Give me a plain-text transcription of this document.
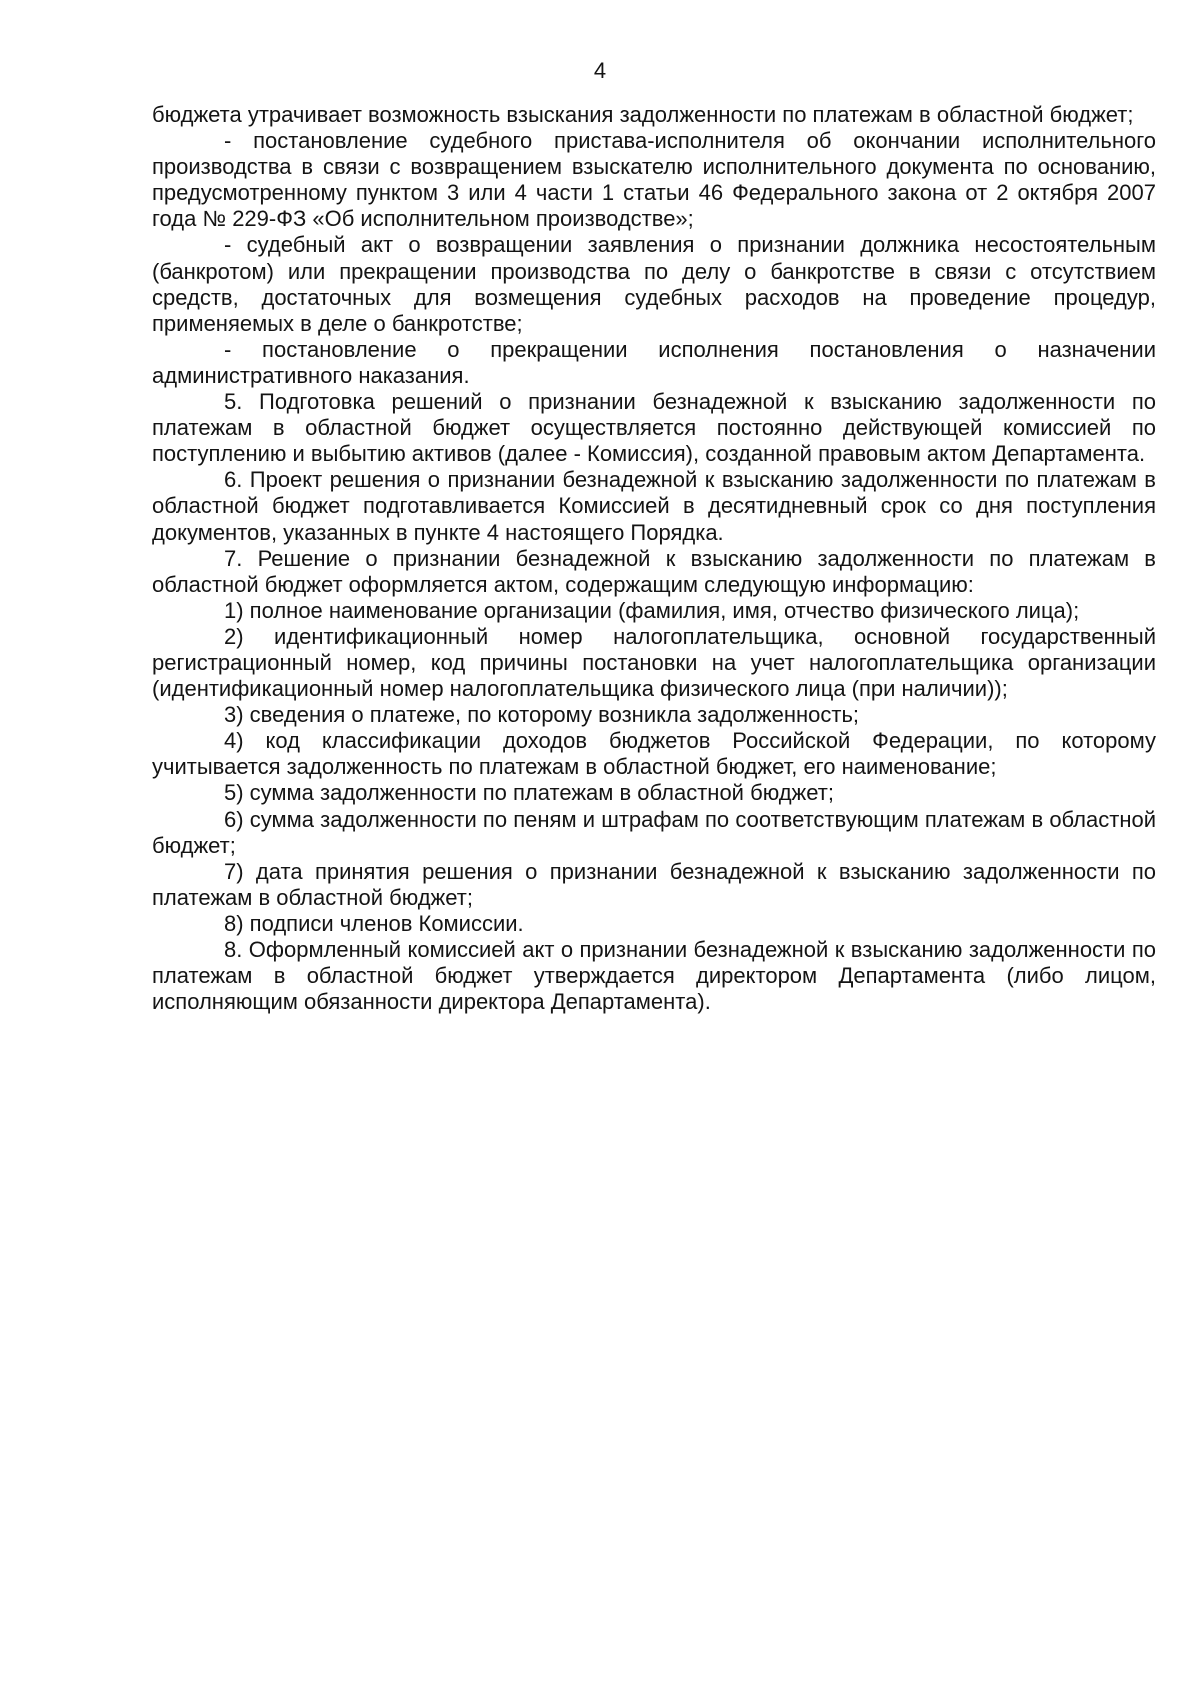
4

бюджета утрачивает возможность взыскания задолженности по платежам в областной бюджет;

- постановление судебного пристава-исполнителя об окончании исполнительного производства в связи с возвращением взыскателю исполнительного документа по основанию, предусмотренному пунктом 3 или 4 части 1 статьи 46 Федерального закона от 2 октября 2007 года № 229-ФЗ «Об исполнительном производстве»;

- судебный акт о возвращении заявления о признании должника несостоятельным (банкротом) или прекращении производства по делу о банкротстве в связи с отсутствием средств, достаточных для возмещения судебных расходов на проведение процедур, применяемых в деле о банкротстве;

- постановление о прекращении исполнения постановления о назначении административного наказания.

5. Подготовка решений о признании безнадежной к взысканию задолженности по платежам в областной бюджет осуществляется постоянно действующей комиссией по поступлению и выбытию активов (далее - Комиссия), созданной правовым актом Департамента.

6. Проект решения о признании безнадежной к взысканию задолженности по платежам в областной бюджет подготавливается Комиссией в десятидневный срок со дня поступления документов, указанных в пункте 4 настоящего Порядка.

7. Решение о признании безнадежной к взысканию задолженности по платежам в областной бюджет оформляется актом, содержащим следующую информацию:

1) полное наименование организации (фамилия, имя, отчество физического лица);

2) идентификационный номер налогоплательщика, основной государственный регистрационный номер, код причины постановки на учет налогоплательщика организации (идентификационный номер налогоплательщика физического лица (при наличии));

3) сведения о платеже, по которому возникла задолженность;

4) код классификации доходов бюджетов Российской Федерации, по которому учитывается задолженность по платежам в областной бюджет, его наименование;

5) сумма задолженности по платежам в областной бюджет;

6) сумма задолженности по пеням и штрафам по соответствующим платежам в областной бюджет;

7) дата принятия решения о признании безнадежной к взысканию задолженности по платежам в областной бюджет;

8) подписи членов Комиссии.

8. Оформленный комиссией акт о признании безнадежной к взысканию задолженности по платежам в областной бюджет утверждается директором Департамента (либо лицом, исполняющим обязанности директора Департамента).
